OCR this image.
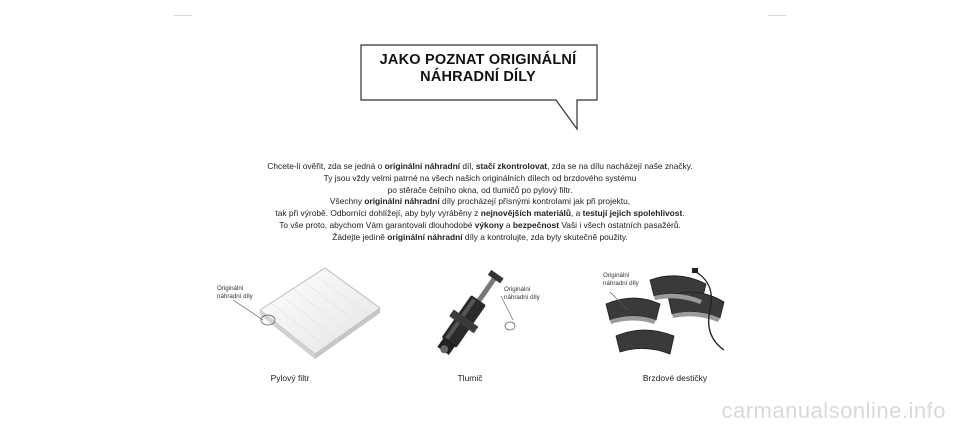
JAKO POZNAT ORIGINÁLNÍ
NÁHRADNÍ DÍLY

Chcete-li ověřit, zda se jedná o originální náhradní díl, stačí zkontrolovat, zda se na dílu nacházejí naše značky.

Ty jsou vždy velmi patrné na všech našich originálních dílech od brzdového systému

po stěrače čelního okna, od tlumičů po pylový filtr.

Všechny originální náhradní díly procházejí přísnými kontrolami jak při projektu,

tak při výrobě. Odborníci dohlížejí, aby byly vyráběny z nejnovějších materiálů, a testují jejich spolehlivost.

To vše proto, abychom Vám garantovali dlouhodobé výkony a bezpečnost Vaši i všech ostatních pasažérů.

Žádejte jedině originální náhradní díly a kontrolujte, zda byly skutečně použity.

Originální
náhradní díly
Pylový filtr
Originální
náhradní díly
Tlumič
Originální
náhradní díly
Brzdové destičky
carmanualsonline.info
